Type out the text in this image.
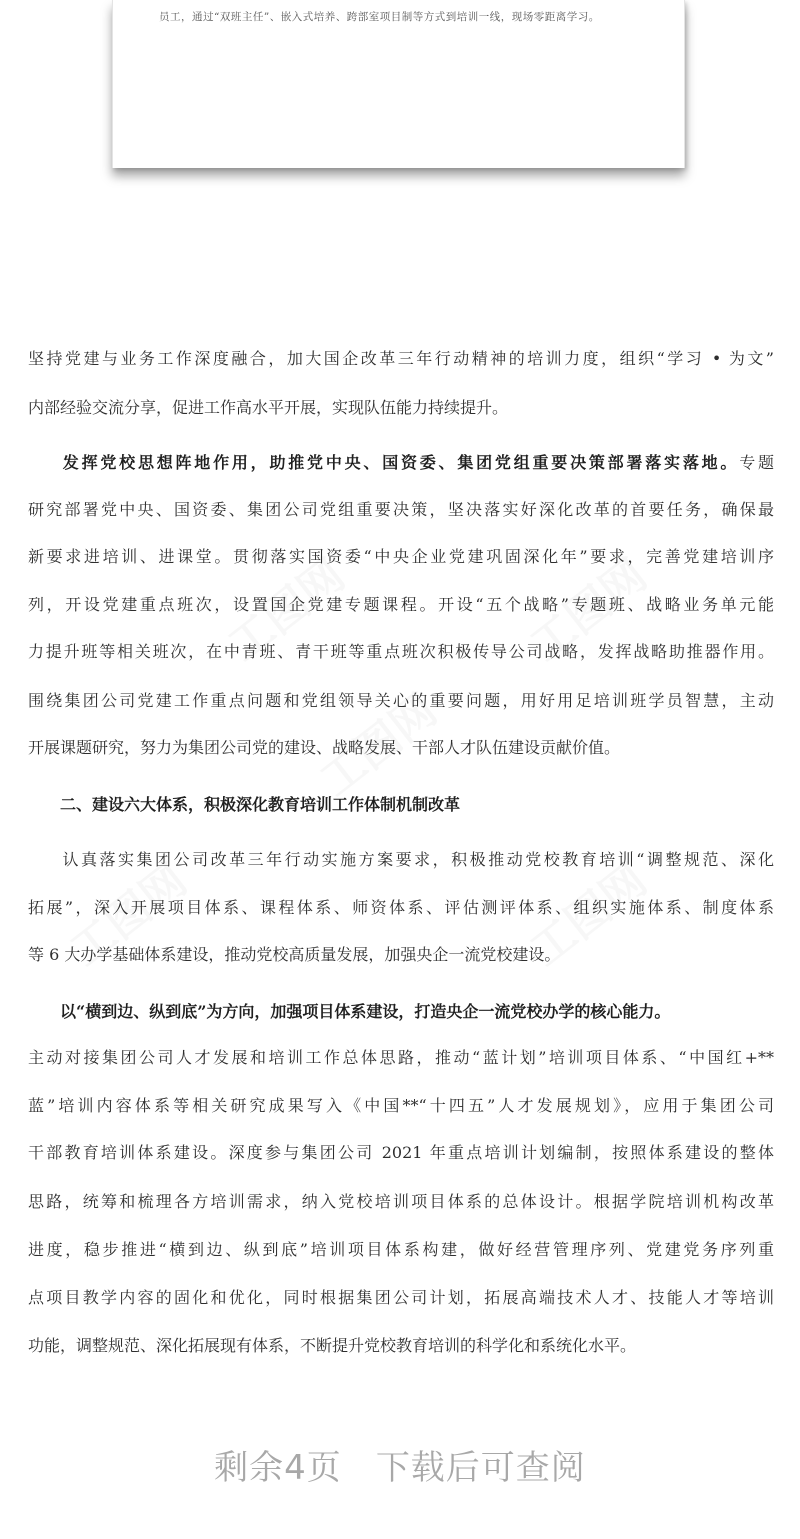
员工，通过“双班主任”、嵌入式培养、跨部室项目制等方式到培训一线，现场零距离学习。
工图网	工图网
工图网
工图网	工图网
坚持党建与业务工作深度融合，加大国企改革三年行动精神的培训力度，组织“学习 • 为文”
内部经验交流分享，促进工作高水平开展，实现队伍能力持续提升。
发挥党校思想阵地作用，助推党中央、国资委、集团党组重要决策部署落实落地。专题
研究部署党中央、国资委、集团公司党组重要决策，坚决落实好深化改革的首要任务，确保最
新要求进培训、进课堂。贯彻落实国资委“中央企业党建巩固深化年”要求，完善党建培训序
列，开设党建重点班次，设置国企党建专题课程。开设“五个战略”专题班、战略业务单元能
力提升班等相关班次，在中青班、青干班等重点班次积极传导公司战略，发挥战略助推器作用。
围绕集团公司党建工作重点问题和党组领导关心的重要问题，用好用足培训班学员智慧，主动
开展课题研究，努力为集团公司党的建设、战略发展、干部人才队伍建设贡献价值。
二、建设六大体系，积极深化教育培训工作体制机制改革
认真落实集团公司改革三年行动实施方案要求，积极推动党校教育培训“调整规范、深化
拓展”，深入开展项目体系、课程体系、师资体系、评估测评体系、组织实施体系、制度体系
等 6 大办学基础体系建设，推动党校高质量发展，加强央企一流党校建设。
以“横到边、纵到底”为方向，加强项目体系建设，打造央企一流党校办学的核心能力。
主动对接集团公司人才发展和培训工作总体思路，推动“蓝计划”培训项目体系、“中国红+**
蓝”培训内容体系等相关研究成果写入《中国**“十四五”人才发展规划》，应用于集团公司
干部教育培训体系建设。深度参与集团公司 2021 年重点培训计划编制，按照体系建设的整体
思路，统筹和梳理各方培训需求，纳入党校培训项目体系的总体设计。根据学院培训机构改革
进度，稳步推进“横到边、纵到底”培训项目体系构建，做好经营管理序列、党建党务序列重
点项目教学内容的固化和优化，同时根据集团公司计划，拓展高端技术人才、技能人才等培训
功能，调整规范、深化拓展现有体系，不断提升党校教育培训的科学化和系统化水平。
剩余4页 下载后可查阅
